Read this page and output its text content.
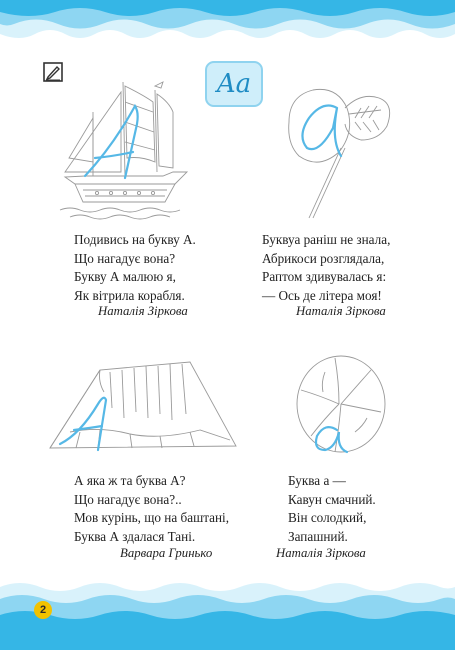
Aa
Подивись на букву А.
Що нагадує вона?
Букву А малюю я,
Як вітрила корабля.
Наталія Зіркова
Буквуа раніш не знала,
Абрикоси розглядала,
Раптом здивувалась я:
— Ось де літера моя!
Наталія Зіркова
А яка ж та буква А?
Що нагадує вона?..
Мов курінь, що на баштані,
Буква А здалася Тані.
Варвара Гринько
Буква а —
Кавун смачний.
Він солодкий,
Запашний.
Наталія Зіркова
2
